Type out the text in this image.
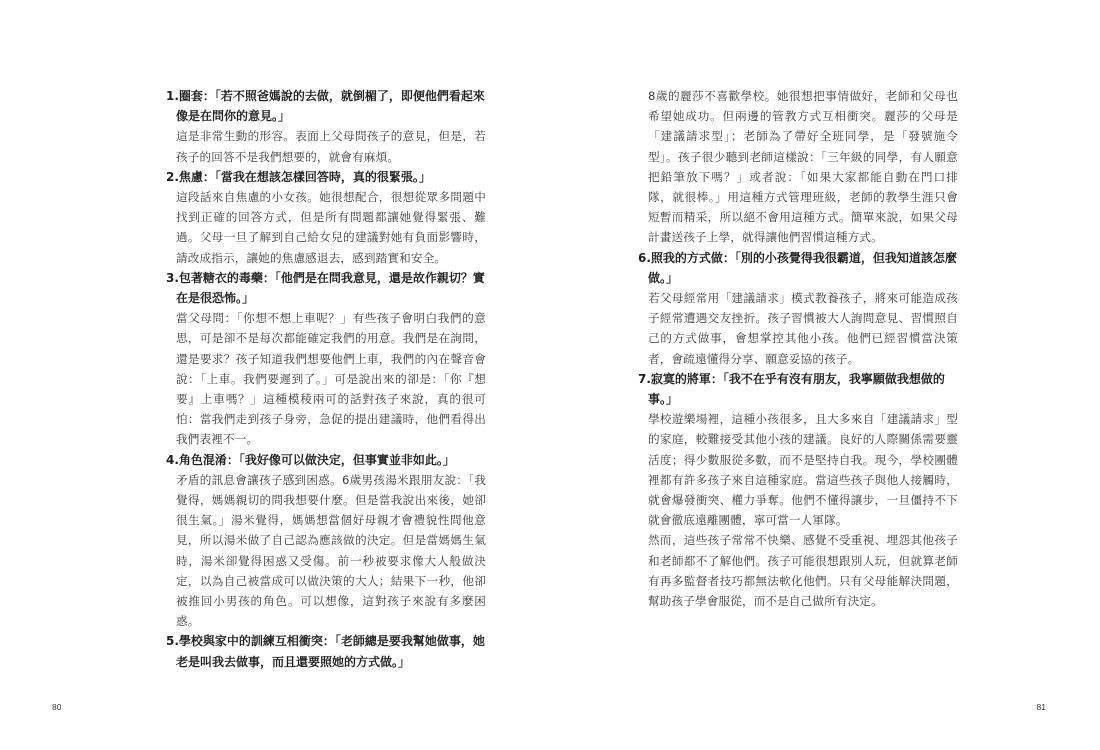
1.圈套：「若不照爸媽說的去做，就倒楣了，即便他們看起來像是在問你的意見。」

這是非常生動的形容。表面上父母問孩子的意見，但是，若孩子的回答不是我們想要的，就會有麻煩。

2.焦慮：「當我在想該怎樣回答時，真的很緊張。」

這段話來自焦慮的小女孩。她很想配合，很想從眾多問題中找到正確的回答方式，但是所有問題都讓她覺得緊張、難過。父母一旦了解到自己給女兒的建議對她有負面影響時，請改成指示，讓她的焦慮感退去，感到踏實和安全。

3.包著糖衣的毒藥：「他們是在問我意見，還是故作親切？實在是很恐怖。」

當父母問：「你想不想上車呢？」有些孩子會明白我們的意思，可是卻不是每次都能確定我們的用意。我們是在詢問，還是要求？孩子知道我們想要他們上車，我們的內在聲音會說：「上車。我們要遲到了。」可是說出來的卻是：「你『想要』上車嗎？」這種模稜兩可的話對孩子來說，真的很可怕：當我們走到孩子身旁，急促的提出建議時，他們看得出我們表裡不一。

4.角色混淆：「我好像可以做決定，但事實並非如此。」

矛盾的訊息會讓孩子感到困惑。6歲男孩湯米跟朋友說：「我覺得，媽媽親切的問我想要什麼。但是當我說出來後，她卻很生氣。」湯米覺得，媽媽想當個好母親才會禮貌性問他意見，所以湯米做了自己認為應該做的決定。但是當媽媽生氣時，湯米卻覺得困惑又受傷。前一秒被要求像大人般做決定，以為自己被當成可以做決策的大人；結果下一秒，他卻被推回小男孩的角色。可以想像，這對孩子來說有多麼困惑。

5.學校與家中的訓練互相衝突：「老師總是要我幫她做事，她老是叫我去做事，而且還要照她的方式做。」

80

8歲的麗莎不喜歡學校。她很想把事情做好，老師和父母也希望她成功。但兩邊的管教方式互相衝突。麗莎的父母是「建議請求型」；老師為了帶好全班同學，是「發號施令型」。孩子很少聽到老師這樣說：「三年級的同學，有人願意把鉛筆放下嗎？」或者說：「如果大家都能自動在門口排隊，就很棒。」用這種方式管理班級，老師的教學生涯只會短暫而精采，所以絕不會用這種方式。簡單來說，如果父母計畫送孩子上學，就得讓他們習慣這種方式。

6.照我的方式做：「別的小孩覺得我很霸道，但我知道該怎麼做。」

若父母經常用「建議請求」模式教養孩子，將來可能造成孩子經常遭遇交友挫折。孩子習慣被大人詢問意見、習慣照自己的方式做事，會想掌控其他小孩。他們已經習慣當決策者，會疏遠懂得分享、願意妥協的孩子。

7.寂寞的將軍：「我不在乎有沒有朋友，我寧願做我想做的事。」

學校遊樂場裡，這種小孩很多，且大多來自「建議請求」型的家庭，較難接受其他小孩的建議。良好的人際關係需要靈活度；得少數服從多數，而不是堅持自我。現今，學校團體裡都有許多孩子來自這種家庭。當這些孩子與他人接觸時，就會爆發衝突、權力爭奪。他們不懂得讓步，一旦僵持不下就會徹底遠離團體，寧可當一人軍隊。

然而，這些孩子常常不快樂、感覺不受重視、埋怨其他孩子和老師都不了解他們。孩子可能很想跟別人玩，但就算老師有再多監督者技巧都無法軟化他們。只有父母能解決問題，幫助孩子學會服從，而不是自己做所有決定。

81
